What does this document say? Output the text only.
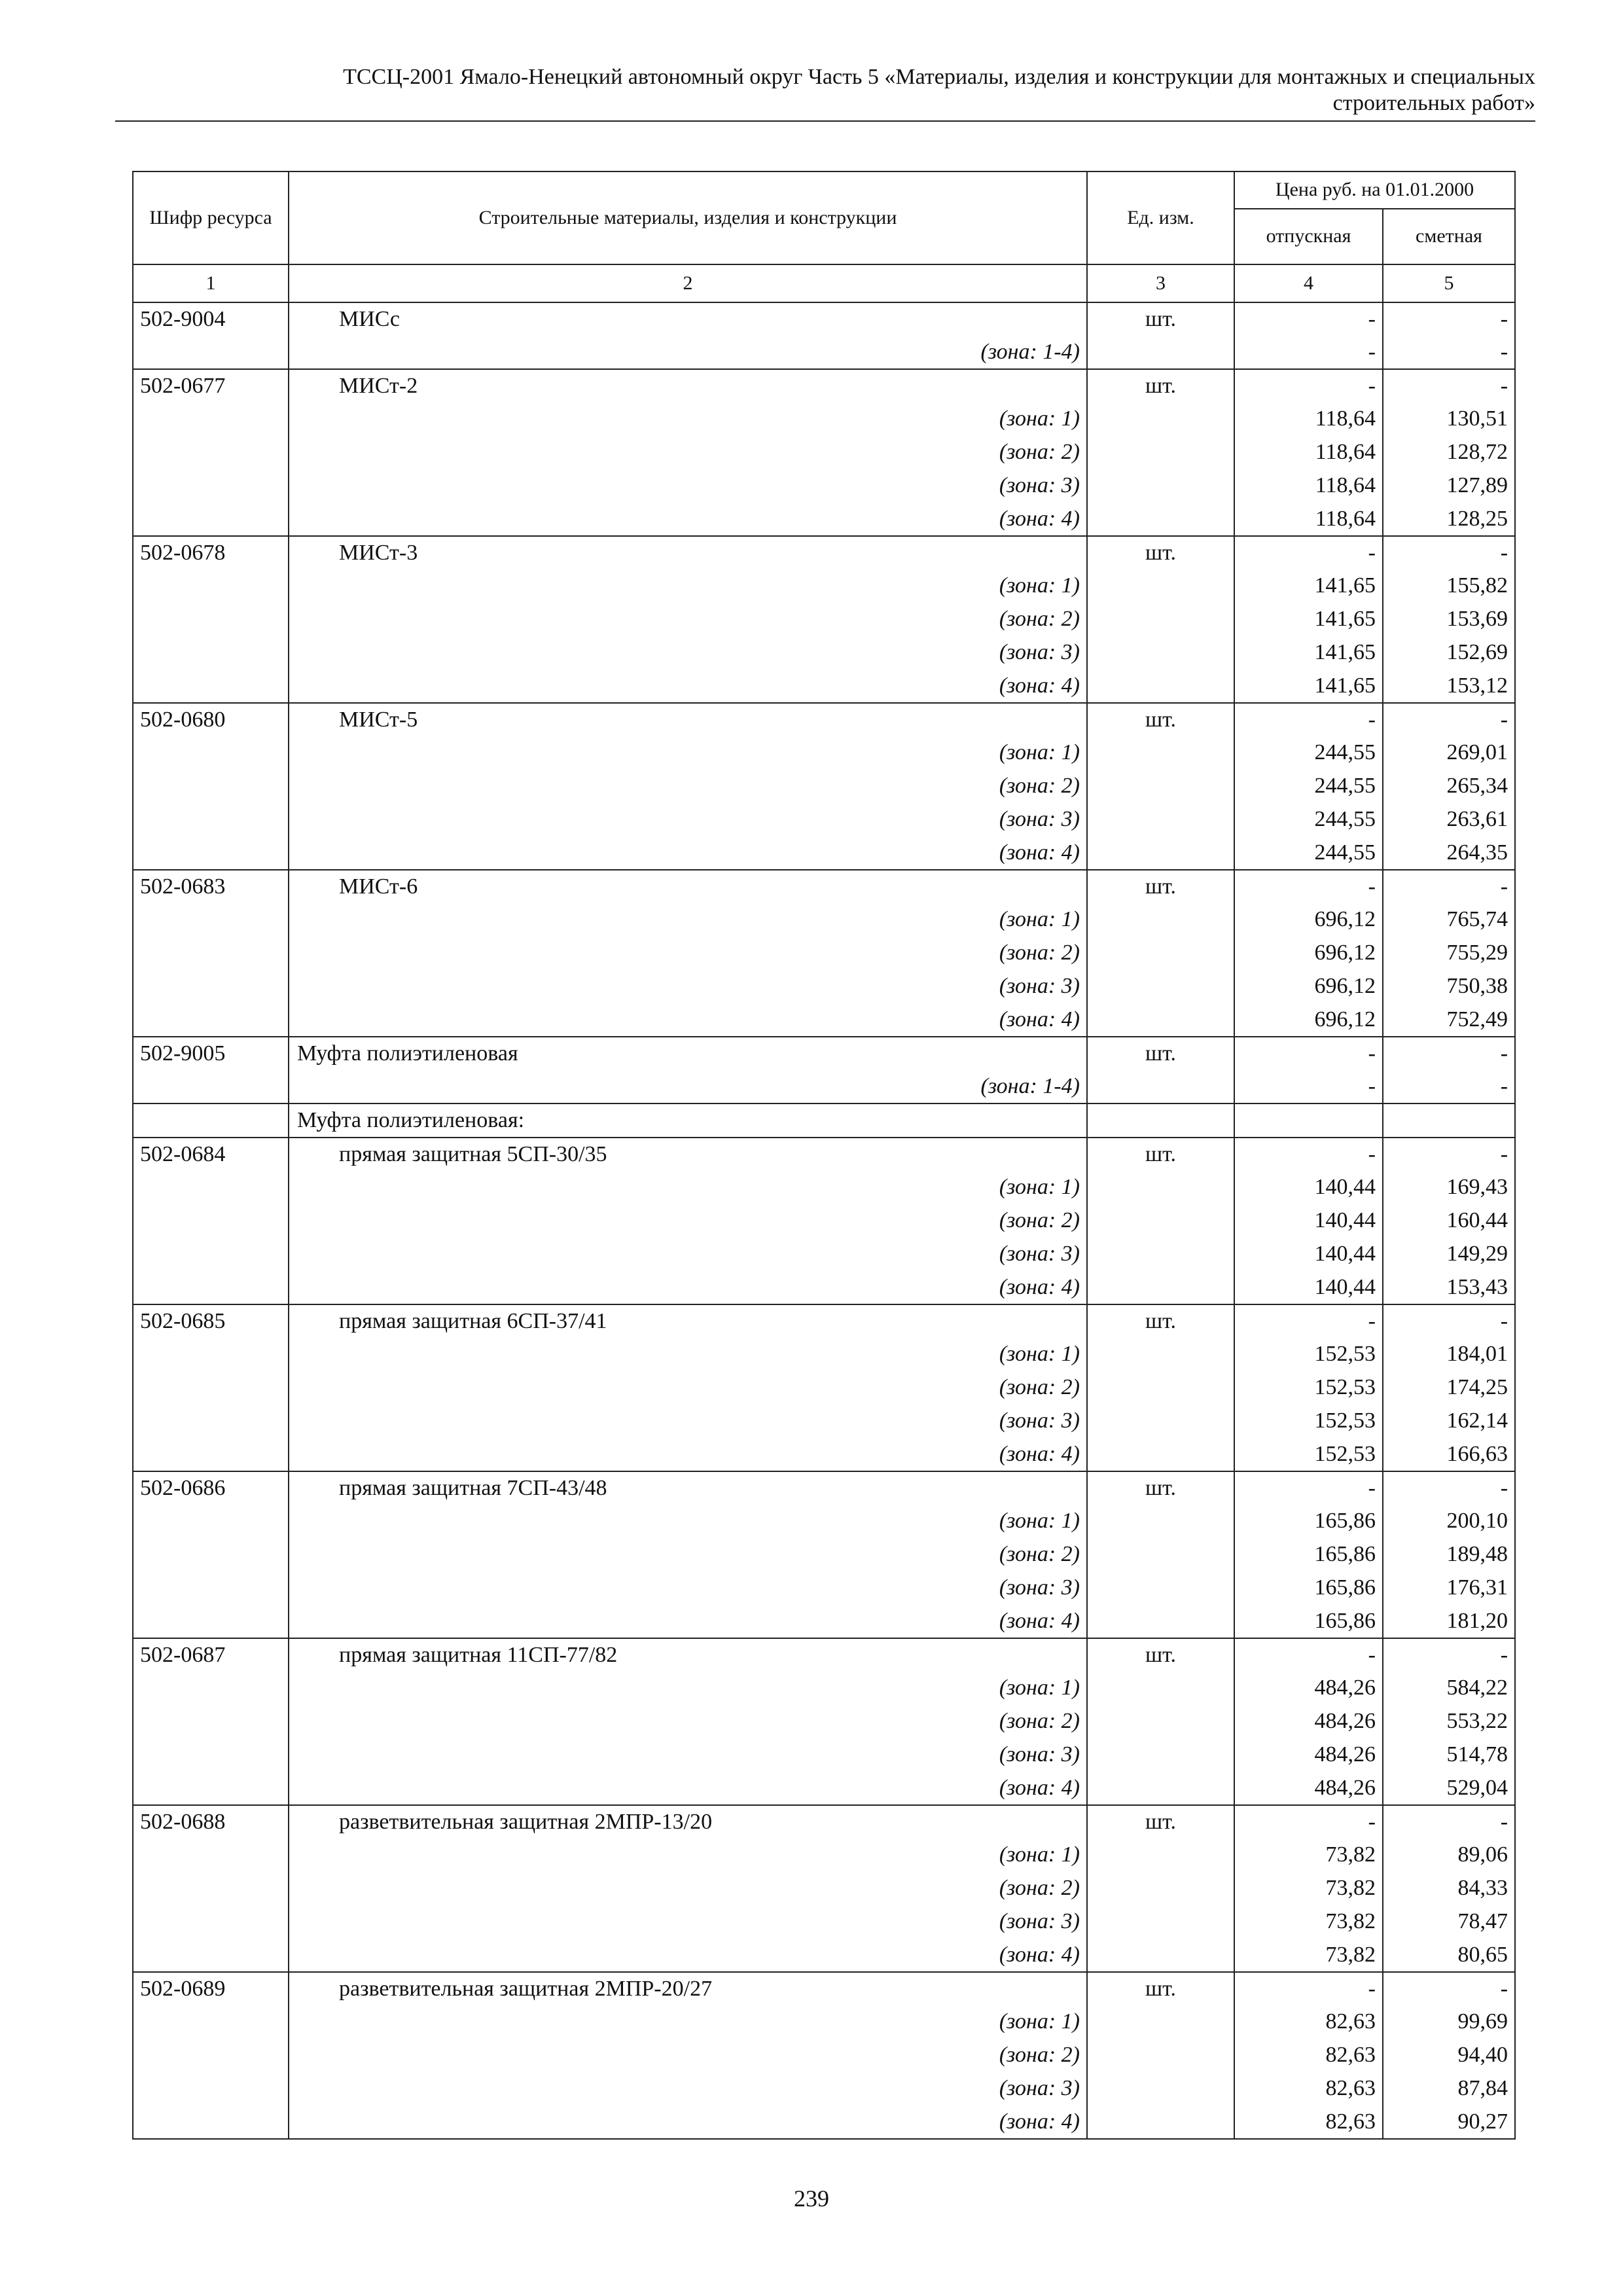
ТССЦ-2001 Ямало-Ненецкий автономный округ Часть 5 «Материалы, изделия и конструкции для монтажных и специальных
строительных работ»
Шифр ресурса	Строительные материалы, изделия и конструкции	Ед. изм.	Цена руб. на 01.01.2000	
			отпускная	сметная
1	2	3	4	5
502-9004	МИСс	шт.	-	-
	(зона: 1-4)		-	-
502-0677	МИСт-2	шт.	-	-
	(зона: 1)		118,64	130,51
	(зона: 2)		118,64	128,72
	(зона: 3)		118,64	127,89
	(зона: 4)		118,64	128,25
502-0678	МИСт-3	шт.	-	-
	(зона: 1)		141,65	155,82
	(зона: 2)		141,65	153,69
	(зона: 3)		141,65	152,69
	(зона: 4)		141,65	153,12
502-0680	МИСт-5	шт.	-	-
	(зона: 1)		244,55	269,01
	(зона: 2)		244,55	265,34
	(зона: 3)		244,55	263,61
	(зона: 4)		244,55	264,35
502-0683	МИСт-6	шт.	-	-
	(зона: 1)		696,12	765,74
	(зона: 2)		696,12	755,29
	(зона: 3)		696,12	750,38
	(зона: 4)		696,12	752,49
502-9005	Муфта полиэтиленовая	шт.	-	-
	(зона: 1-4)		-	-
	Муфта полиэтиленовая:			
502-0684	прямая защитная 5СП-30/35	шт.	-	-
	(зона: 1)		140,44	169,43
	(зона: 2)		140,44	160,44
	(зона: 3)		140,44	149,29
	(зона: 4)		140,44	153,43
502-0685	прямая защитная 6СП-37/41	шт.	-	-
	(зона: 1)		152,53	184,01
	(зона: 2)		152,53	174,25
	(зона: 3)		152,53	162,14
	(зона: 4)		152,53	166,63
502-0686	прямая защитная 7СП-43/48	шт.	-	-
	(зона: 1)		165,86	200,10
	(зона: 2)		165,86	189,48
	(зона: 3)		165,86	176,31
	(зона: 4)		165,86	181,20
502-0687	прямая защитная 11СП-77/82	шт.	-	-
	(зона: 1)		484,26	584,22
	(зона: 2)		484,26	553,22
	(зона: 3)		484,26	514,78
	(зона: 4)		484,26	529,04
502-0688	разветвительная защитная 2МПР-13/20	шт.	-	-
	(зона: 1)		73,82	89,06
	(зона: 2)		73,82	84,33
	(зона: 3)		73,82	78,47
	(зона: 4)		73,82	80,65
502-0689	разветвительная защитная 2МПР-20/27	шт.	-	-
	(зона: 1)		82,63	99,69
	(зона: 2)		82,63	94,40
	(зона: 3)		82,63	87,84
	(зона: 4)		82,63	90,27
239
